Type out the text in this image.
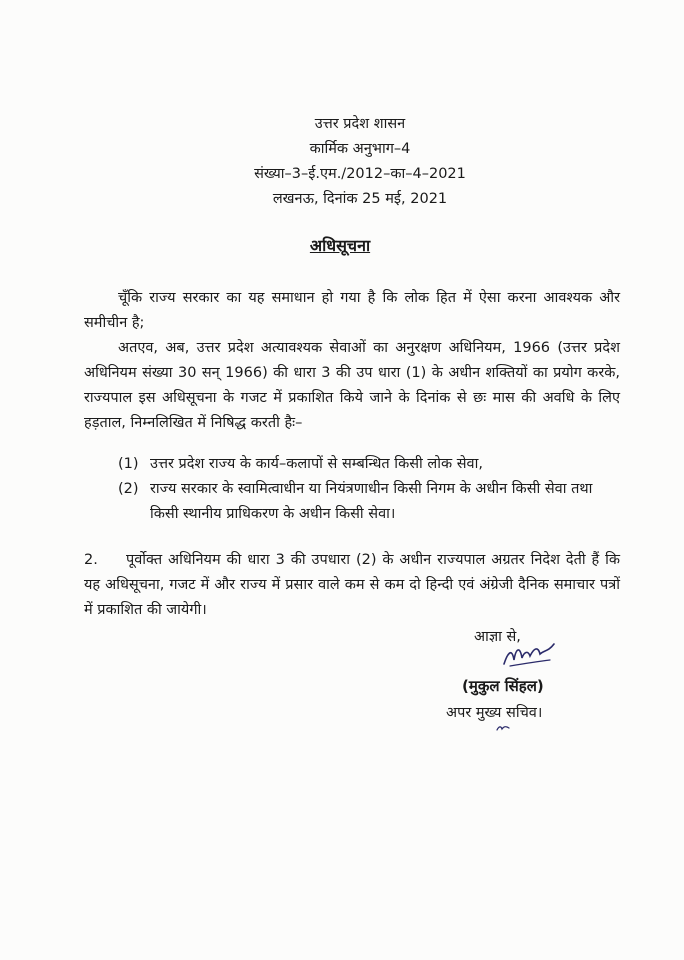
उत्तर प्रदेश शासन
कार्मिक अनुभाग–4
संख्या–3–ई.एम./2012–का–4–2021
लखनऊ, दिनांक 25 मई, 2021
अधिसूचना
चूँकि राज्य सरकार का यह समाधान हो गया है कि लोक हित में ऐसा करना आवश्यक और समीचीन है;
अतएव, अब, उत्तर प्रदेश अत्यावश्यक सेवाओं का अनुरक्षण अधिनियम, 1966 (उत्तर प्रदेश अधिनियम संख्या 30 सन् 1966) की धारा 3 की उप धारा (1) के अधीन शक्तियों का प्रयोग करके, राज्यपाल इस अधिसूचना के गजट में प्रकाशित किये जाने के दिनांक से छः मास की अवधि के लिए हड़ताल, निम्नलिखित में निषिद्ध करती हैः–
(1) उत्तर प्रदेश राज्य के कार्य–कलापों से सम्बन्धित किसी लोक सेवा,
(2) राज्य सरकार के स्वामित्वाधीन या नियंत्रणाधीन किसी निगम के अधीन किसी सेवा तथा किसी स्थानीय प्राधिकरण के अधीन किसी सेवा।
2. पूर्वोक्त अधिनियम की धारा 3 की उपधारा (2) के अधीन राज्यपाल अग्रतर निदेश देती हैं कि यह अधिसूचना, गजट में और राज्य में प्रसार वाले कम से कम दो हिन्दी एवं अंग्रेजी दैनिक समाचार पत्रों में प्रकाशित की जायेगी।
आज्ञा से,
(मुकुल सिंहल)
अपर मुख्य सचिव।
